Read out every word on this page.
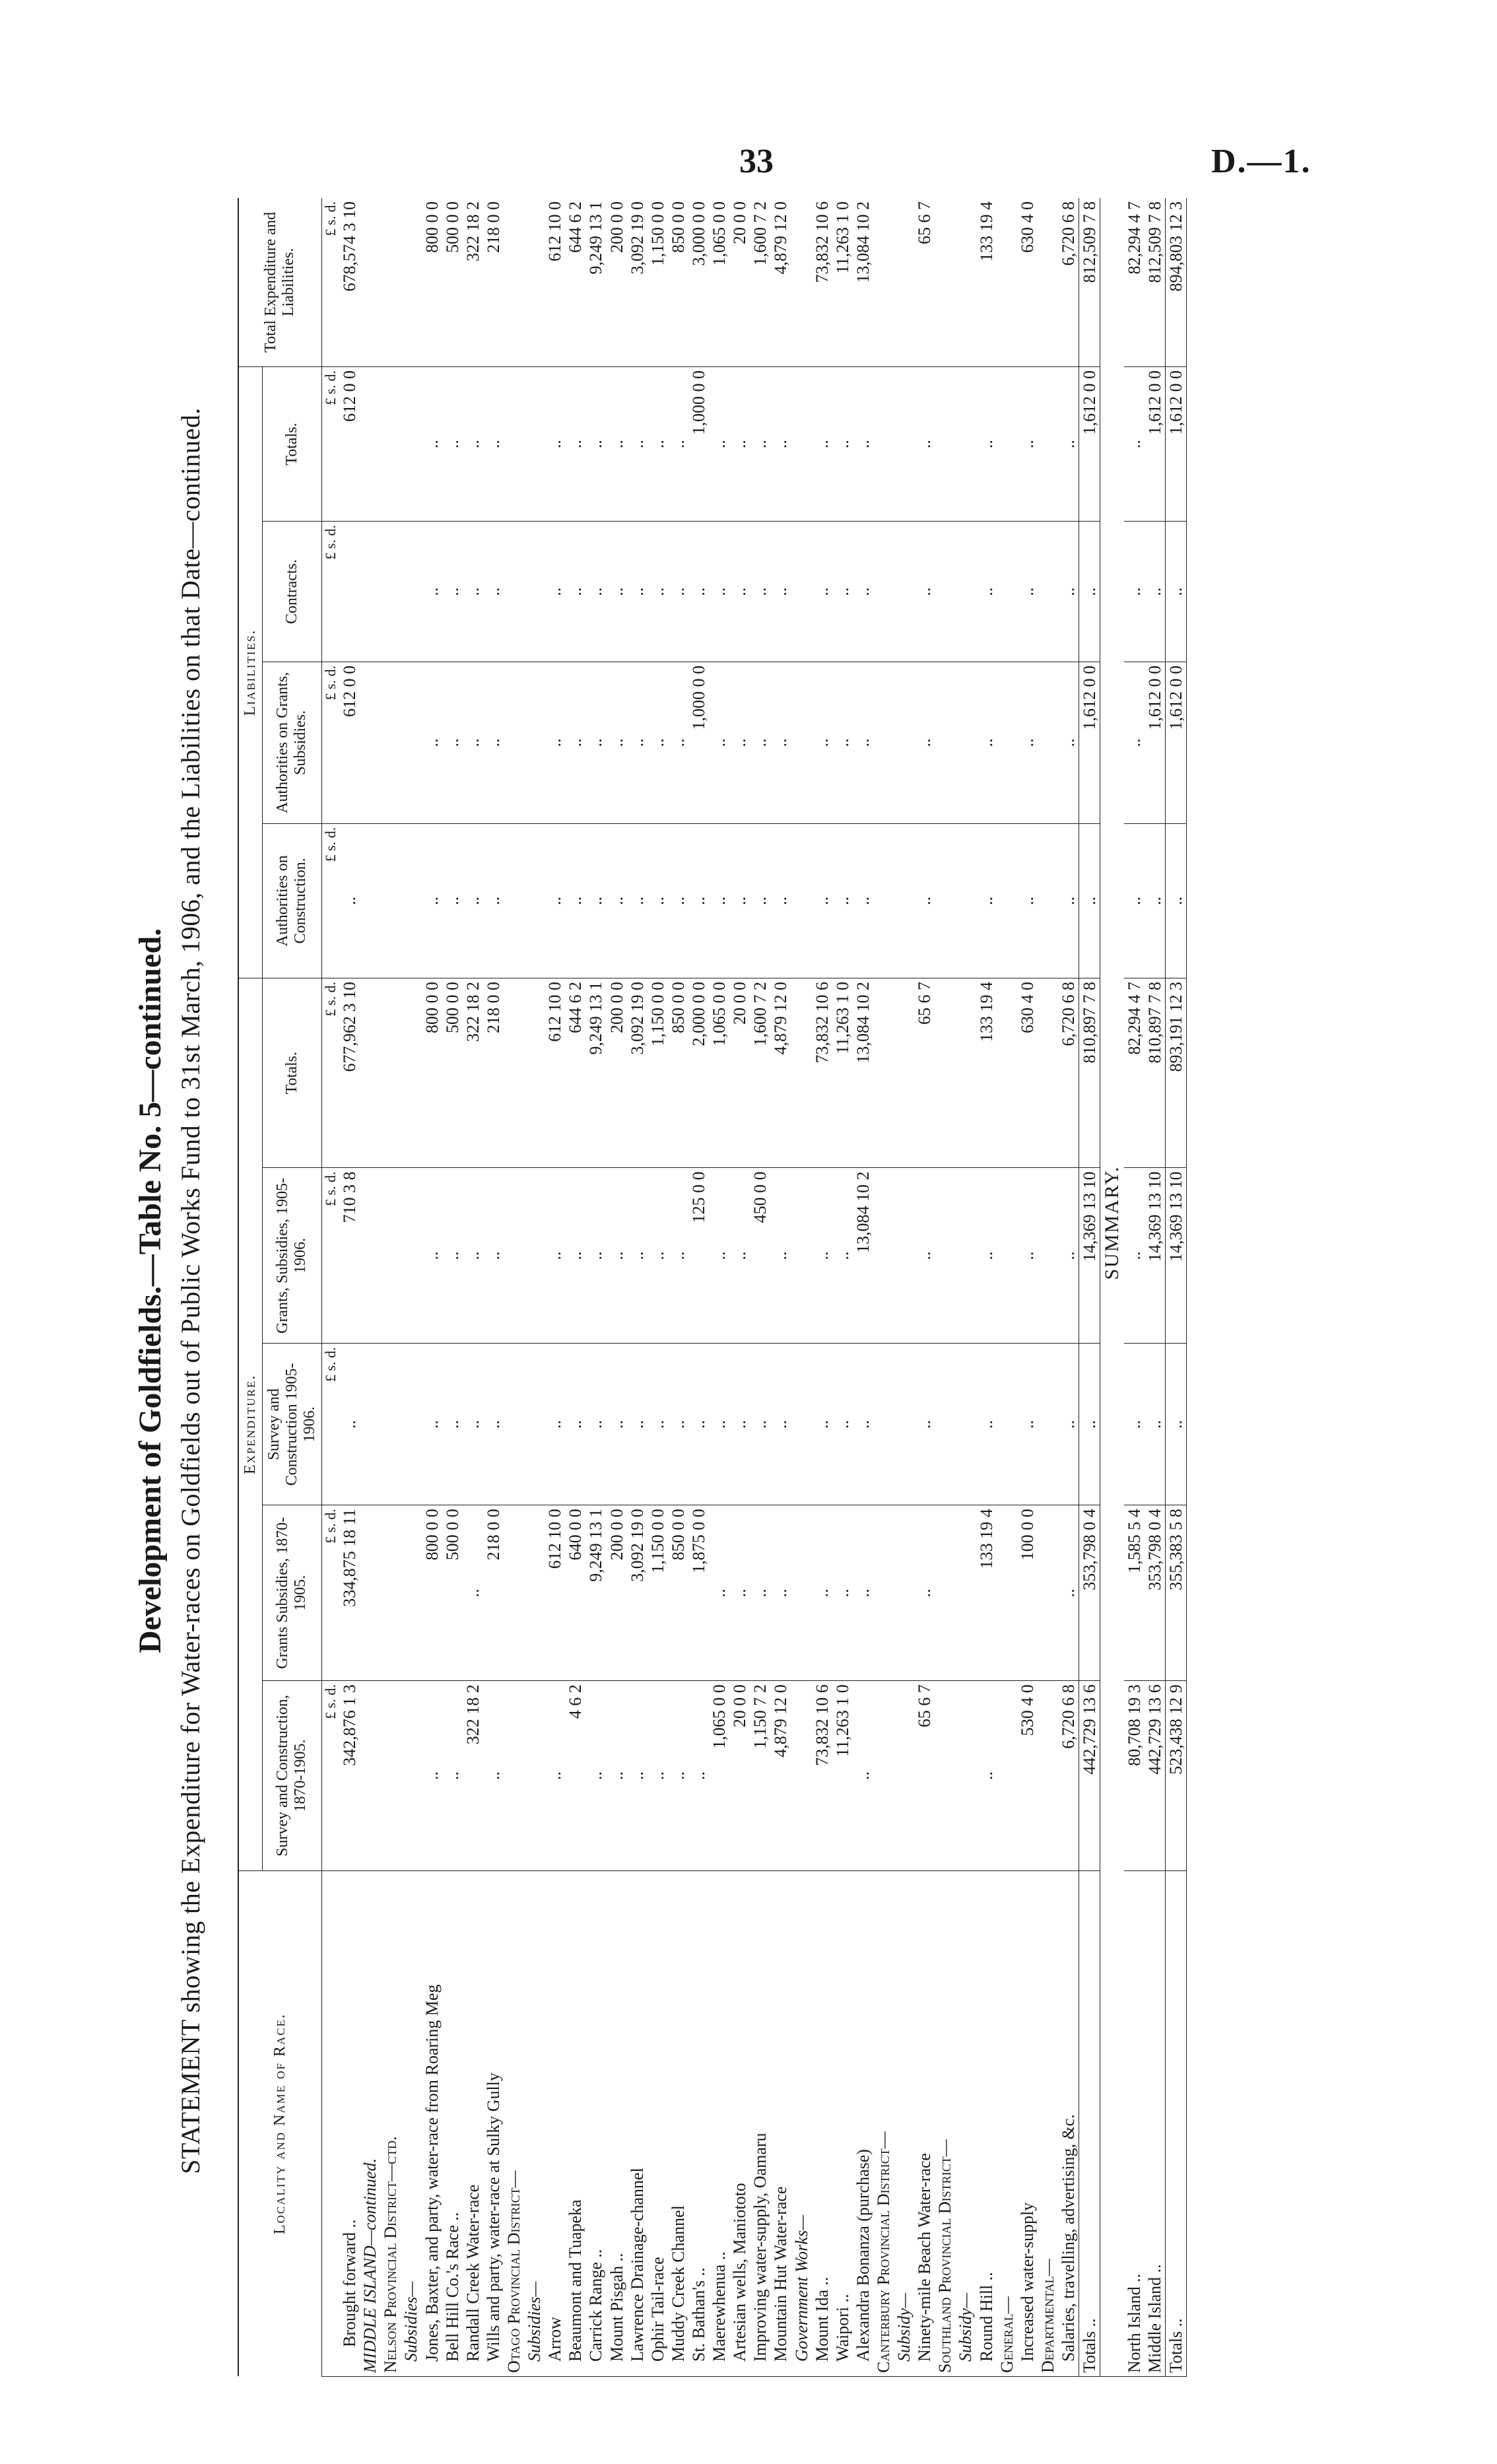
33	D.—1.
Development of Goldfields.—Table No. 5—continued. STATEMENT showing the Expenditure for Water-races on Goldfields out of Public Works Fund to 31st March, 1906, and the Liabilities on that Date—continued.	Locality and Name of Race.	Expenditure.					Liabilities.				Total Expenditure and Liabilities.
	Survey and Construction, 1870-1905.	Grants Subsidies, 1870-1905.	Survey and Construction 1905-1906.	Grants, Subsidies, 1905-1906.	Totals.	Authorities on Construction.	Authorities on Grants, Subsidies.	Contracts.	Totals.	
	£ s. d.	£ s. d.	£ s. d.	£ s. d.	£ s. d.	£ s. d.	£ s. d.	£ s. d.	£ s. d.	£ s. d.
Brought forward ..	342,876 1 3	334,875 18 11	..	710 3 8	677,962 3 10	..	612 0 0		612 0 0	678,574 3 10
MIDDLE ISLAND—continued.										
Nelson Provincial District—ctd.										
Subsidies—										
Jones, Baxter, and party, water-race from Roaring Meg	..	800 0 0	..	..	800 0 0	..	..	..	..	800 0 0
Bell Hill Co.'s Race ..	..	500 0 0	..	..	500 0 0	..	..	..	..	500 0 0
Randall Creek Water-race	322 18 2	..	..	..	322 18 2	..	..	..	..	322 18 2
Wills and party, water-race at Sulky Gully	..	218 0 0	..	..	218 0 0	..	..	..	..	218 0 0
Otago Provincial District—										
Subsidies—										
Arrow	..	612 10 0	..	..	612 10 0	..	..	..	..	612 10 0
Beaumont and Tuapeka	4 6 2	640 0 0	..	..	644 6 2	..	..	..	..	644 6 2
Carrick Range ..	..	9,249 13 1	..	..	9,249 13 1	..	..	..	..	9,249 13 1
Mount Pisgah ..	..	200 0 0	..	..	200 0 0	..	..	..	..	200 0 0
Lawrence Drainage-channel	..	3,092 19 0	..	..	3,092 19 0	..	..	..	..	3,092 19 0
Ophir Tail-race	..	1,150 0 0	..	..	1,150 0 0	..	..	..	..	1,150 0 0
Muddy Creek Channel	..	850 0 0	..	..	850 0 0	..	..	..	..	850 0 0
St. Bathan's ..	..	1,875 0 0	..	125 0 0	2,000 0 0	..	1,000 0 0	..	1,000 0 0	3,000 0 0
Maerewhenua ..	1,065 0 0	..	..	..	1,065 0 0	..	..	..	..	1,065 0 0
Artesian wells, Maniototo	20 0 0	..	..	..	20 0 0	..	..	..	..	20 0 0
Improving water-supply, Oamaru	1,150 7 2	..	..	450 0 0	1,600 7 2	..	..	..	..	1,600 7 2
Mountain Hut Water-race	4,879 12 0	..	..	..	4,879 12 0	..	..	..	..	4,879 12 0
Government Works—										
Mount Ida ..	73,832 10 6	..	..	..	73,832 10 6	..	..	..	..	73,832 10 6
Waipori ..	11,263 1 0	..	..	..	11,263 1 0	..	..	..	..	11,263 1 0
Alexandra Bonanza (purchase)	..	..	..	13,084 10 2	13,084 10 2	..	..	..	..	13,084 10 2
Canterbury Provincial District—										
Subsidy—										
Ninety-mile Beach Water-race	65 6 7	..	..	..	65 6 7	..	..	..	..	65 6 7
Southland Provincial District—										
Subsidy—										
Round Hill ..	..	133 19 4	..	..	133 19 4	..	..	..	..	133 19 4
General—										
Increased water-supply	530 4 0	100 0 0	..	..	630 4 0	..	..	..	..	630 4 0
Departmental—										
Salaries, travelling, advertising, &c.	6,720 6 8	..	..	..	6,720 6 8	..	..	..	..	6,720 6 8
Totals ..	442,729 13 6	353,798 0 4	..	14,369 13 10	810,897 7 8	..	1,612 0 0	..	1,612 0 0	812,509 7 8
SUMMARY.										
North Island ..	80,708 19 3	1,585 5 4	..	..	82,294 4 7	..	..	..	..	82,294 4 7
Middle Island ..	442,729 13 6	353,798 0 4	..	14,369 13 10	810,897 7 8	..	1,612 0 0	..	1,612 0 0	812,509 7 8
Totals ..	523,438 12 9	355,383 5 8	..	14,369 13 10	893,191 12 3	..	1,612 0 0	..	1,612 0 0	894,803 12 3
